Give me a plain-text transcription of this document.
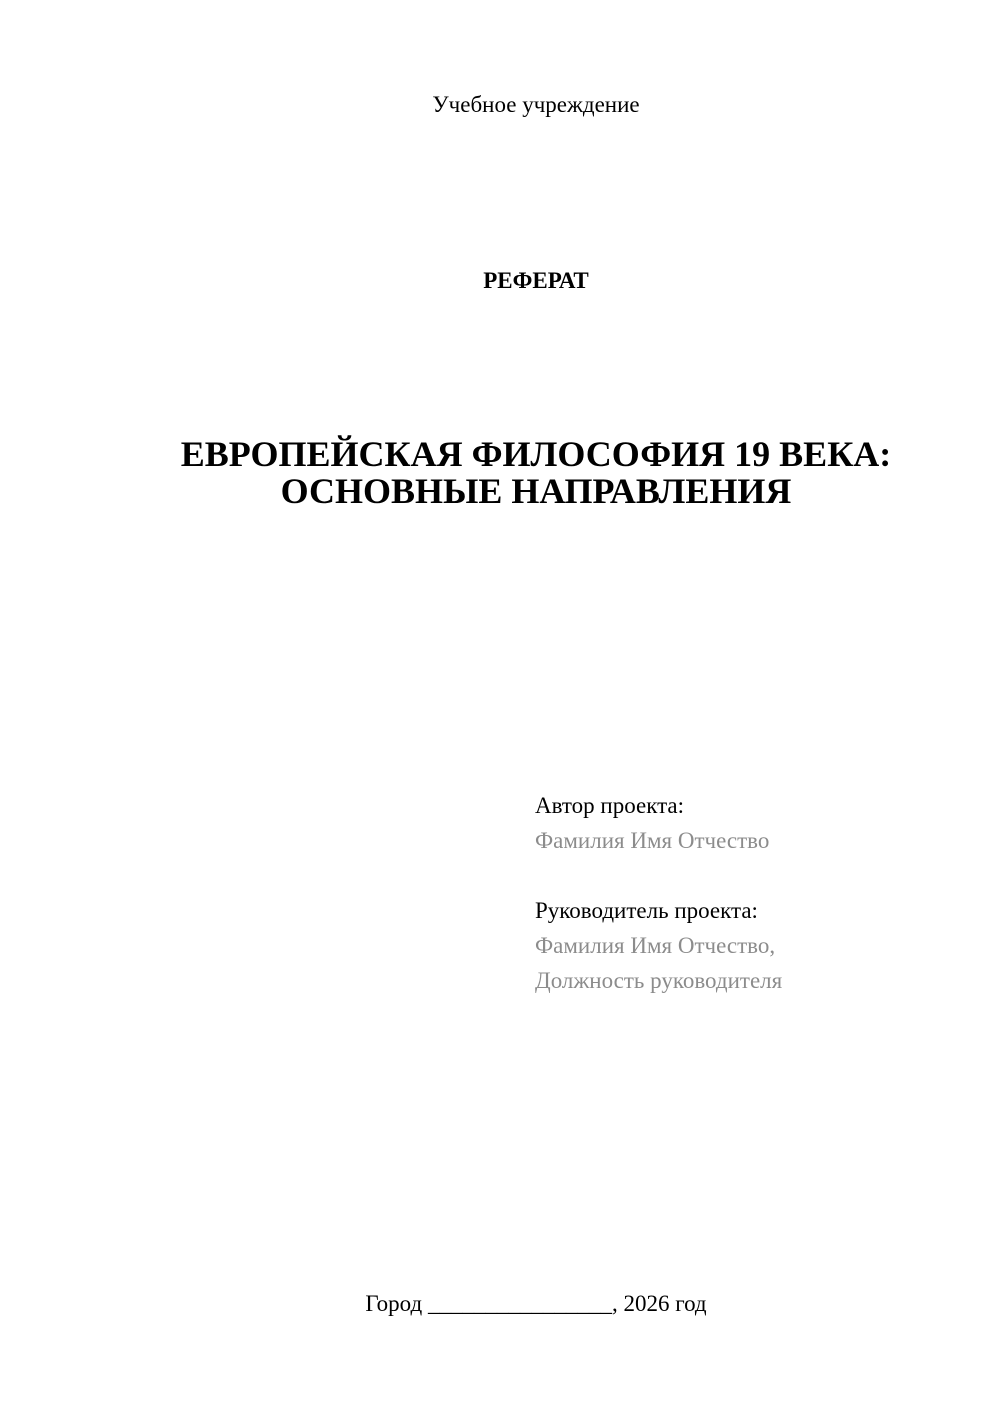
Учебное учреждение
РЕФЕРАТ
ЕВРОПЕЙСКАЯ ФИЛОСОФИЯ 19 ВЕКА:
ОСНОВНЫЕ НАПРАВЛЕНИЯ
Автор проекта:
Фамилия Имя Отчество
Руководитель проекта:
Фамилия Имя Отчество,
Должность руководителя
Город ________________, 2026 год
